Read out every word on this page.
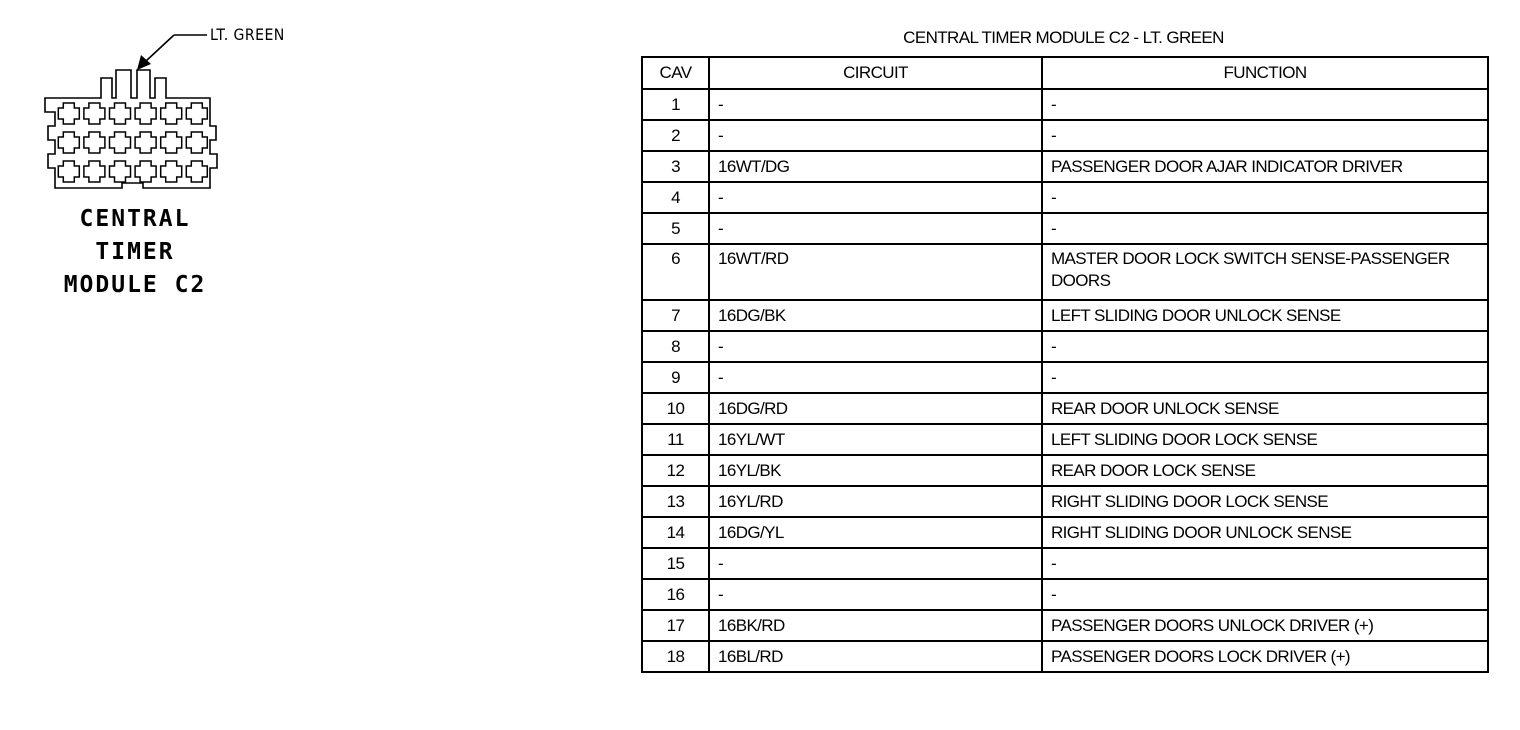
LT. GREEN
CENTRAL
TIMER
MODULE C2
CENTRAL TIMER MODULE C2 - LT. GREEN
CAV	CIRCUIT	FUNCTION
1	-	-
2	-	-
3	16WT/DG	PASSENGER DOOR AJAR INDICATOR DRIVER
4	-	-
5	-	-
6	16WT/RD	MASTER DOOR LOCK SWITCH SENSE-PASSENGER DOORS
7	16DG/BK	LEFT SLIDING DOOR UNLOCK SENSE
8	-	-
9	-	-
10	16DG/RD	REAR DOOR UNLOCK SENSE
11	16YL/WT	LEFT SLIDING DOOR LOCK SENSE
12	16YL/BK	REAR DOOR LOCK SENSE
13	16YL/RD	RIGHT SLIDING DOOR LOCK SENSE
14	16DG/YL	RIGHT SLIDING DOOR UNLOCK SENSE
15	-	-
16	-	-
17	16BK/RD	PASSENGER DOORS UNLOCK DRIVER (+)
18	16BL/RD	PASSENGER DOORS LOCK DRIVER (+)
